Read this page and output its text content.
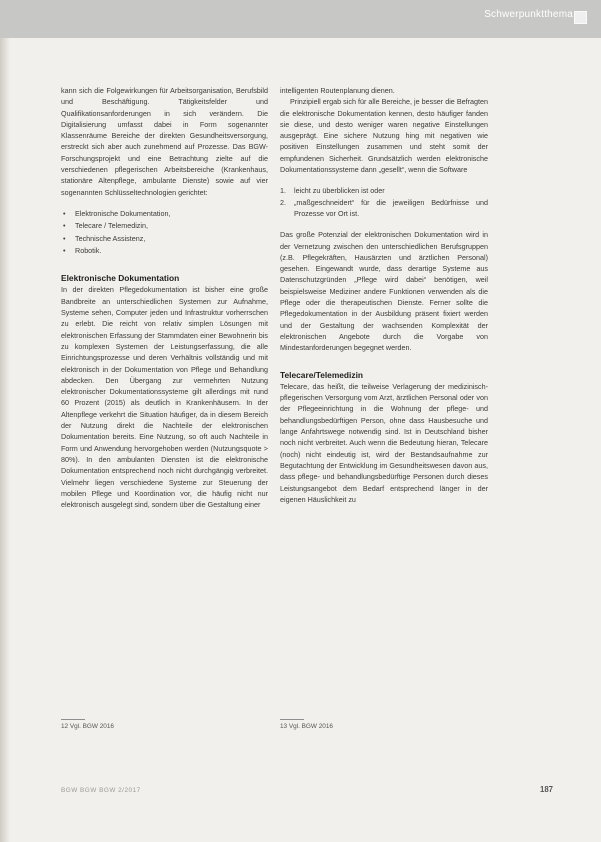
Schwerpunktthema

kann sich die Folgewirkungen für Arbeitsorganisation, Berufsbild und Beschäftigung. Tätigkeitsfelder und Qualifikationsanforderungen in sich verändern. Die Digitalisierung umfasst dabei in Form sogenannter Klassenräume Bereiche der direkten Gesundheitsversorgung, erstreckt sich aber auch zunehmend auf Prozesse. Das BGW-Forschungsprojekt und eine Betrachtung zielte auf die verschiedenen pflegerischen Arbeitsbereiche (Krankenhaus, stationäre Altenpflege, ambulante Dienste) sowie auf vier sogenannten Schlüsseltechnologien gerichtet:

• Elektronische Dokumentation,
• Telecare / Telemedizin,
• Technische Assistenz,
• Robotik.

Elektronische Dokumentation

In der direkten Pflegedokumentation ist bisher eine große Bandbreite an unterschiedlichen Systemen zur Aufnahme, Systeme sehen, Computer jeden und Infrastruktur vorherrschen zu erlebt. Die reicht von relativ simplen Lösungen mit elektronischen Erfassung der Stammdaten einer Bewohnerin bis zu komplexen Systemen der Leistungserfassung, die alle Einrichtungsprozesse und deren Verhältnis vollständig und mit elektronisch in der Dokumentation von Pflege und Behandlung abdecken. Den Übergang zur vermehrten Nutzung elektronischer Dokumentationssysteme gilt allerdings mit rund 60 Prozent (2015) als deutlich in Krankenhäusern. In der Altenpflege verkehrt die Situation häufiger, da in diesem Bereich der Nutzung direkt die Nachteile der elektronischen Dokumentation bereits. Eine Nutzung, so oft auch Nachteile in Form und Anwendung hervorgehoben werden (Nutzungsquote > 80%). In den ambulanten Diensten ist die elektronische Dokumentation entsprechend noch nicht durchgängig verbreitet. Vielmehr liegen verschiedene Systeme zur Steuerung der mobilen Pflege und Koordination vor, die häufig nicht nur elektronisch ausgelegt sind, sondern über die Gestaltung einer

intelligenten Routenplanung dienen.

Prinzipiell ergab sich für alle Bereiche, je besser die Befragten die elektronische Dokumentation kennen, desto häufiger fanden sie diese, und desto weniger waren negative Einstellungen ausgeprägt. Eine sichere Nutzung hing mit negativen wie positiven Einstellungen zusammen und steht somit der empfundenen Sicherheit. Grundsätzlich werden elektronische Dokumentationssysteme dann „gesellt“, wenn die Software

1. leicht zu überblicken ist oder
2. „maßgeschneidert“ für die jeweiligen Bedürfnisse und Prozesse vor Ort ist.

Das große Potenzial der elektronischen Dokumentation wird in der Vernetzung zwischen den unterschiedlichen Berufsgruppen (z.B. Pflegekräften, Hausärzten und ärztlichen Personal) gesehen. Eingewandt wurde, dass derartige Systeme aus Datenschutzgründen „Pflege wird dabei“ benötigen, weil beispielsweise Mediziner andere Funktionen verwenden als die Pflege oder die therapeutischen Dienste. Ferner sollte die Pflegedokumentation in der Ausbildung präsent fixiert werden und der Gestaltung der wachsenden Komplexität der elektronischen Angebote durch die Vorgabe von Mindestanforderungen begegnet werden.

Telecare/Telemedizin

Telecare, das heißt, die teilweise Verlagerung der medizinisch-pflegerischen Versorgung vom Arzt, ärztlichen Personal oder von der Pflegeeinrichtung in die Wohnung der pflege- und behandlungsbedürftigen Person, ohne dass Hausbesuche und lange Anfahrtswege notwendig sind. Ist in Deutschland bisher noch nicht verbreitet. Auch wenn die Bedeutung hieran, Telecare (noch) nicht eindeutig ist, wird der Bestandsaufnahme zur Begutachtung der Entwicklung im Gesundheitswesen davon aus, dass pflege- und behandlungsbedürftige Personen durch dieses Leistungsangebot dem Bedarf entsprechend länger in der eigenen Häuslichkeit zu

12 Vgl. BGW 2016	13 Vgl. BGW 2016
BGW BGW BGW 2/2017	187
